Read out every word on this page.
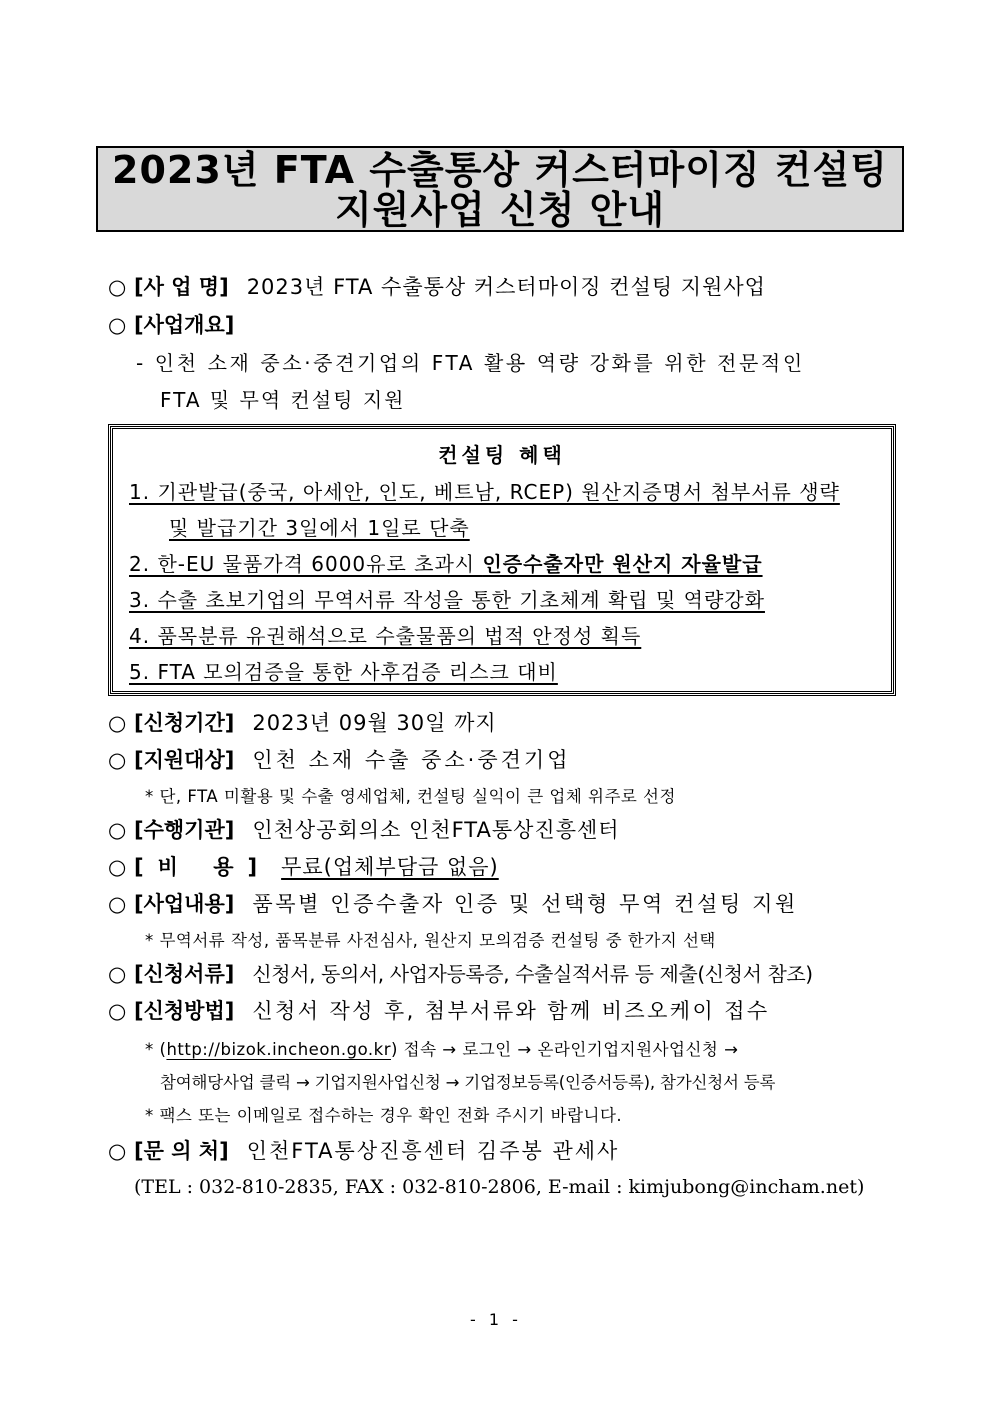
2023년 FTA 수출통상 커스터마이징 컨설팅
지원사업 신청 안내
○ [사 업 명] 2023년 FTA 수출통상 커스터마이징 컨설팅 지원사업
○ [사업개요]
- 인천 소재 중소·중견기업의 FTA 활용 역량 강화를 위한 전문적인
FTA 및 무역 컨설팅 지원
컨설팅 혜택
1. 기관발급(중국, 아세안, 인도, 베트남, RCEP) 원산지증명서 첨부서류 생략
및 발급기간 3일에서 1일로 단축
2. 한-EU 물품가격 6000유로 초과시 인증수출자만 원산지 자율발급
3. 수출 초보기업의 무역서류 작성을 통한 기초체계 확립 및 역량강화
4. 품목분류 유권해석으로 수출물품의 법적 안정성 획득
5. FTA 모의검증을 통한 사후검증 리스크 대비
○ [신청기간] 2023년 09월 30일 까지
○ [지원대상] 인천 소재 수출 중소·중견기업
* 단, FTA 미활용 및 수출 영세업체, 컨설팅 실익이 큰 업체 위주로 선정
○ [수행기관] 인천상공회의소 인천FTA통상진흥센터
○ [비 용] 무료(업체부담금 없음)
○ [사업내용] 품목별 인증수출자 인증 및 선택형 무역 컨설팅 지원
* 무역서류 작성, 품목분류 사전심사, 원산지 모의검증 컨설팅 중 한가지 선택
○ [신청서류] 신청서, 동의서, 사업자등록증, 수출실적서류 등 제출(신청서 참조)
○ [신청방법] 신청서 작성 후, 첨부서류와 함께 비즈오케이 접수
* (http://bizok.incheon.go.kr) 접속 → 로그인 → 온라인기업지원사업신청 →
참여해당사업 클릭 → 기업지원사업신청 → 기업정보등록(인증서등록), 참가신청서 등록
* 팩스 또는 이메일로 접수하는 경우 확인 전화 주시기 바랍니다.
○ [문 의 처] 인천FTA통상진흥센터 김주봉 관세사
(TEL : 032-810-2835, FAX : 032-810-2806, E-mail : kimjubong@incham.net)
- 1 -
